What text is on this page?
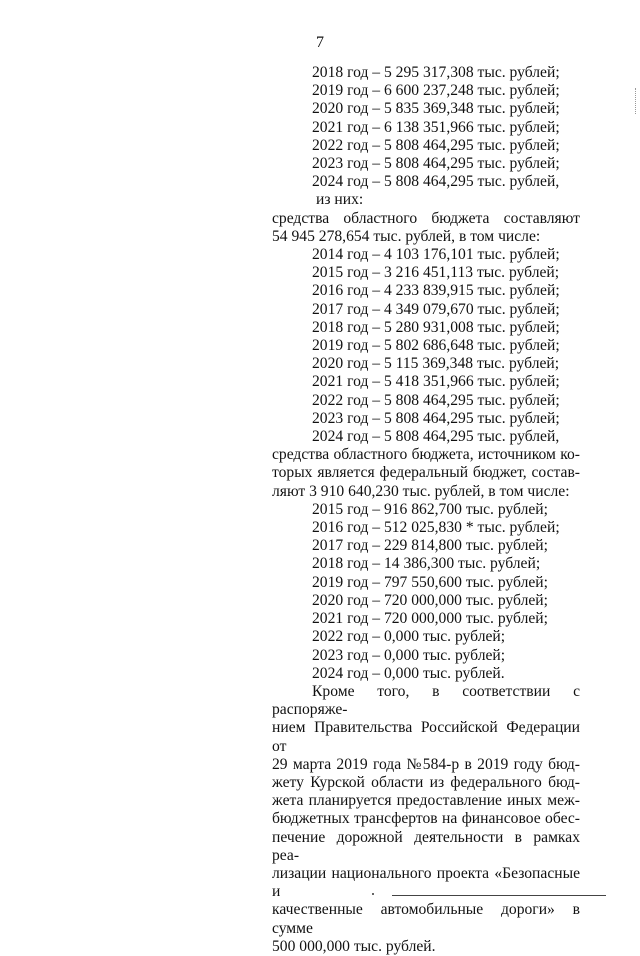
7
2018 год – 5 295 317,308 тыс. рублей;
2019 год – 6 600 237,248 тыс. рублей;
2020 год – 5 835 369,348 тыс. рублей;
2021 год – 6 138 351,966 тыс. рублей;
2022 год – 5 808 464,295 тыс. рублей;
2023 год – 5 808 464,295 тыс. рублей;
2024 год – 5 808 464,295 тыс. рублей,
из них:
средства областного бюджета составляют
54 945 278,654 тыс. рублей, в том числе:
2014 год – 4 103 176,101 тыс. рублей;
2015 год – 3 216 451,113 тыс. рублей;
2016 год – 4 233 839,915 тыс. рублей;
2017 год – 4 349 079,670 тыс. рублей;
2018 год – 5 280 931,008 тыс. рублей;
2019 год – 5 802 686,648 тыс. рублей;
2020 год – 5 115 369,348 тыс. рублей;
2021 год – 5 418 351,966 тыс. рублей;
2022 год – 5 808 464,295 тыс. рублей;
2023 год – 5 808 464,295 тыс. рублей;
2024 год – 5 808 464,295 тыс. рублей,
средства областного бюджета, источником ко-
торых является федеральный бюджет, состав-
ляют 3 910 640,230 тыс. рублей, в том числе:
2015 год – 916 862,700 тыс. рублей;
2016 год – 512 025,830 * тыс. рублей;
2017 год – 229 814,800 тыс. рублей;
2018 год – 14 386,300 тыс. рублей;
2019 год – 797 550,600 тыс. рублей;
2020 год – 720 000,000 тыс. рублей;
2021 год – 720 000,000 тыс. рублей;
2022 год – 0,000 тыс. рублей;
2023 год – 0,000 тыс. рублей;
2024 год – 0,000 тыс. рублей.
Кроме того, в соответствии с распоряже-
нием Правительства Российской Федерации от
29 марта 2019 года №584-р в 2019 году бюд-
жету Курской области из федерального бюд-
жета планируется предоставление иных меж-
бюджетных трансфертов на финансовое обес-
печение дорожной деятельности в рамках реа-
лизации национального проекта «Безопасные и
качественные автомобильные дороги» в сумме
500 000,000 тыс. рублей.
